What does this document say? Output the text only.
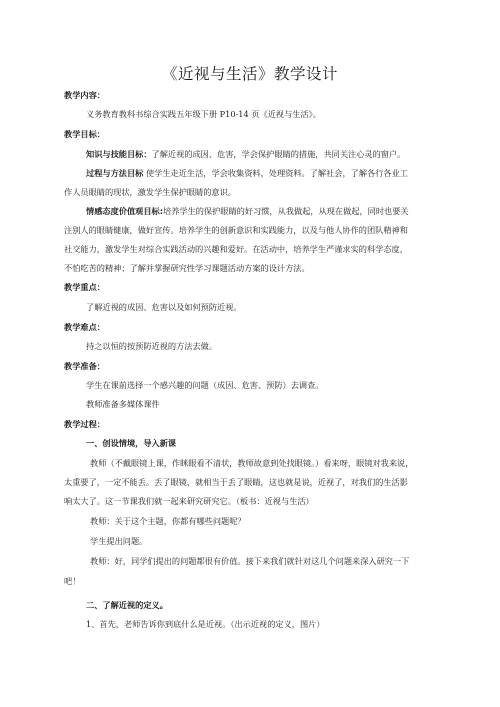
《近视与生活》教学设计
教学内容：
义务教育教科书综合实践五年级下册 P10-14 页《近视与生活》。
教学目标：
知识与技能目标：了解近视的成因、危害，学会保护眼睛的措施，共同关注心灵的窗户。
过程与方法目标 使学生走近生活，学会收集资料，处理资料。了解社会，了解各行各业工
作人员眼睛的现状，激发学生保护眼睛的意识。
情感态度价值观目标:培养学生的保护眼睛的好习惯，从我做起，从现在做起，同时也要关
注别人的眼睛健康，做好宣传。培养学生的创新意识和实践能力，以及与他人协作的团队精神和
社交能力，激发学生对综合实践活动的兴趣和爱好。在活动中，培养学生严谨求实的科学态度，
不怕吃苦的精神；了解并掌握研究性学习课题活动方案的设计方法。
教学重点：
了解近视的成因、危害以及如何预防近视。
教学难点：
持之以恒的按预防近视的方法去做。
教学准备：
学生在课前选择一个感兴趣的问题（成因、危害、预防）去调查。
教师准备多媒体课件
教学过程：
一、创设情境，导入新课
教师（不戴眼镜上课，作眯眼看不清状，教师故意到处找眼镜。）看来呀，眼镜对我来说，
太重要了，一定不能丢。丢了眼镜，就相当于丢了眼睛，这也就是说，近视了，对我们的生活影
响太大了。这一节课我们就一起来研究研究它。（板书：近视与生活）
教师：关于这个主题，你都有哪些问题呢？
学生提出问题。
教师：好，同学们提出的问题都很有价值。接下来我们就针对这几个问题来深入研究一下
吧！
二、了解近视的定义。
1、首先，老师告诉你到底什么是近视。（出示近视的定义，图片）
